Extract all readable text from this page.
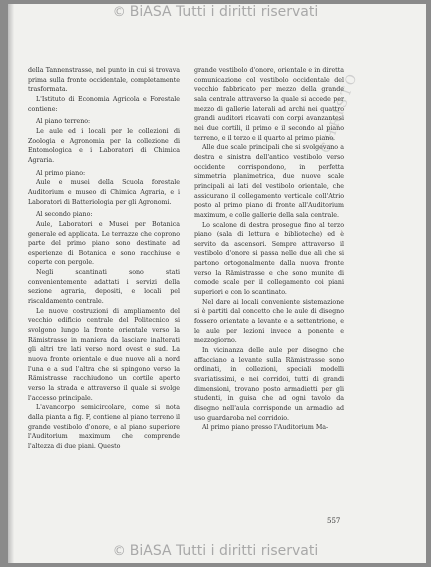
© BiASA Tutti i diritti riservati
CHRISTO

della Tannenstrasse, nel punto in cui si trovava prima sulla fronte occidentale, completamente trasformata.

L'Istituto di Economia Agricola e Forestale contiene:

Al piano terreno:

Le aule ed i locali per le collezioni di Zoologia e Agronomia per la collezione di Entomologica e i Laboratori di Chimica Agraria.

Al primo piano:

Aule e musei della Scuola forestale Auditorium e museo di Chimica Agraria, e i Laboratori di Batteriologia per gli Agronomi.

Al secondo piano:

Aule, Laboratori e Musei per Botanica generale ed applicata. Le terrazze che coprono parte del primo piano sono destinate ad esperienze di Botanica e sono racchiuse e coperte con pergole.

Negli scantinati sono stati convenientemente adattati i servizi della sezione agraria, depositi, e locali pel riscaldamento centrale.

Le nuove costruzioni di ampliamento del vecchio edificio centrale del Politecnico si svolgono lungo la fronte orientale verso la Rämistrasse in maniera da lasciare inalterati gli altri tre lati verso nord ovest e sud. La nuova fronte orientale e due nuove ali a nord l'una e a sud l'altra che si spingono verso la Rämistrasse racchiudono un cortile aperto verso la strada e attraverso il quale si svolge l'accesso principale.

L'avancorpo semicircolare, come si nota dalla pianta a fig. F, contiene al piano terreno il grande vestibolo d'onore, e al piano superiore l'Auditorium maximum che comprende l'altezza di due piani. Questo

grande vestibolo d'onore, orientale e in diretta comunicazione col vestibolo occidentale del vecchio fabbricato per mezzo della grande sala centrale attraverso la quale si accede per mezzo di gallerie laterali ad archi nei quattro grandi auditori ricavati con corpi avanzantesi nei due cortili, il primo e il secondo al piano terreno, e il terzo e il quarto al primo piano.

Alle due scale principali che si svolgevano a destra e sinistra dell'antico vestibolo verso occidente corrispondono, in perfetta simmetria planimetrica, due nuove scale principali ai lati del vestibolo orientale, che assicurano il collegamento verticale coll'Atrio posto al primo piano di fronte all'Auditorium maximum, e colle gallerie della sala centrale.

Lo scalone di destra prosegue fino al terzo piano (sala di lettura e biblioteche) ed è servito da ascensori. Sempre attraverso il vestibolo d'onore si passa nelle due ali che si partono ortogonalmente dalla nuova fronte verso la Rämistrasse e che sono munite di comode scale per il collegamento coi piani superiori e con lo scantinato.

Nel dare ai locali convenientе sistemazione si è partiti dal concetto che le aule di disegno fossero orientate a levante e a settentrione, e le aule per lezioni invece a ponente e mezzogiorno.

In vicinanza delle aule per disegno che affacciano a levante sulla Rämistrasse sono ordinati, in collezioni, speciali modelli svariatissimi, e nei corridoi, tutti di grandi dimensioni, trovano posto armadietti per gli studenti, in guisa che ad ogni tavolo da disegno nell'aula corrisponde un armadio ad uso guardaroba nel corridoio.

Al primo piano presso l'Auditorium Ma-

557
© BiASA Tutti i diritti riservati
